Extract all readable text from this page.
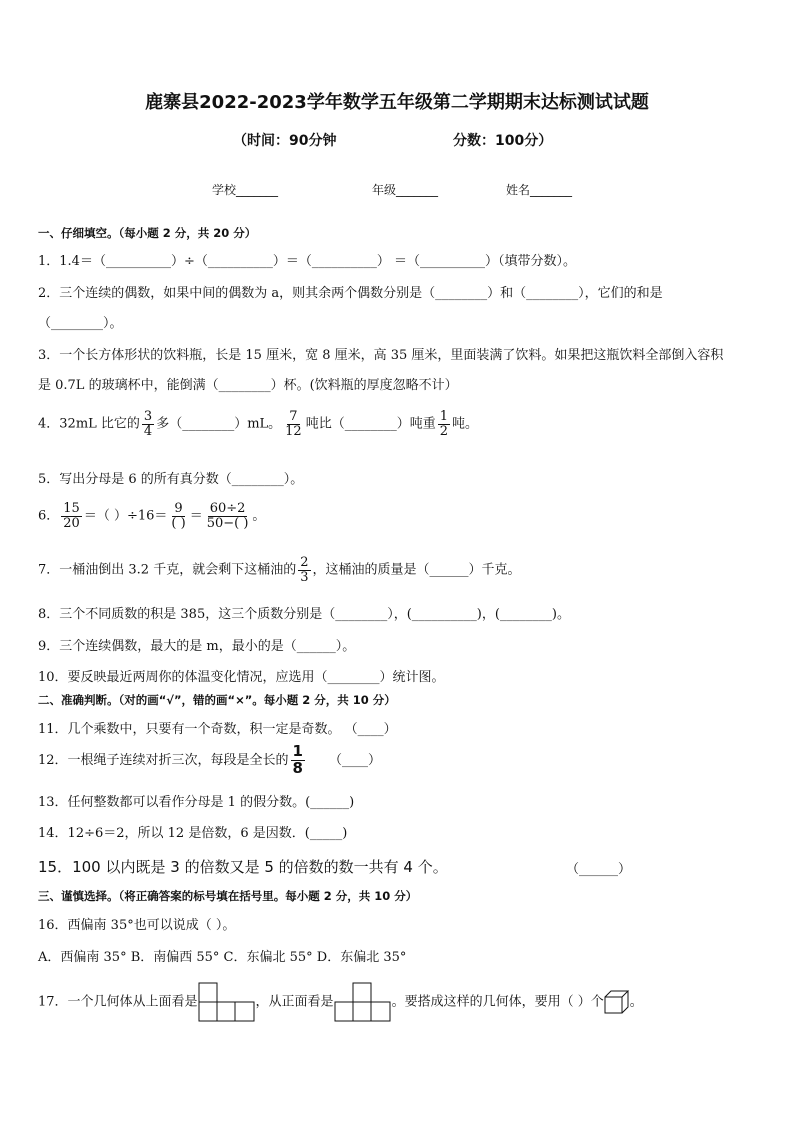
鹿寨县2022-2023学年数学五年级第二学期期末达标测试试题
（时间：90分钟	分数：100分）
学校_______	年级_______	姓名_______
一、仔细填空。（每小题 2 分，共 20 分）
1．1.4＝（__________）÷（__________）＝（__________） ＝（__________）（填带分数）。
2．三个连续的偶数，如果中间的偶数为 a，则其余两个偶数分别是（________）和（________），它们的和是
（________）。
3．一个长方体形状的饮料瓶，长是 15 厘米，宽 8 厘米，高 35 厘米，里面装满了饮料。如果把这瓶饮料全部倒入容积
是 0.7L 的玻璃杯中，能倒满（________）杯。(饮料瓶的厚度忽略不计）
4．32mL 比它的 $\frac{3}{4}$ 多（________）mL。 $\frac{7}{12}$ 吨比（________）吨重 $\frac{1}{2}$ 吨。
5．写出分母是 6 的所有真分数（________）。
6． $\frac{15}{20}$ ＝（ ）$\div 16= \frac{9}{( )} = \frac{60\div 2}{50-( )}$ 。
7．一桶油倒出 3.2 千克，就会剩下这桶油的 $\frac{2}{3}$ ，这桶油的质量是（______）千克。
8．三个不同质数的积是 385，这三个质数分别是（________），(__________)，(________)。
9．三个连续偶数，最大的是 m，最小的是（______）。
10．要反映最近两周你的体温变化情况，应选用（________）统计图。
二、准确判断。（对的画“√”，错的画“×”。每小题 2 分，共 10 分）
11．几个乘数中，只要有一个奇数，积一定是奇数。 （____）
12．一根绳子连续对折三次，每段是全长的 $\frac{1}{8}$ （____）
13．任何整数都可以看作分母是 1 的假分数。(______)
14．12÷6＝2，所以 12 是倍数，6 是因数．(_____)
15．100 以内既是 3 的倍数又是 5 的倍数的数一共有 4 个。	（______）
三、谨慎选择。（将正确答案的标号填在括号里。每小题 2 分，共 10 分）
16．西偏南 35°也可以说成（ ）。
A．西偏南 35° B．南偏西 55° C．东偏北 55° D．东偏北 35°
17．一个几何体从上面看是	，从正面看是	。要搭成这样的几何体，要用（ ）个 。
